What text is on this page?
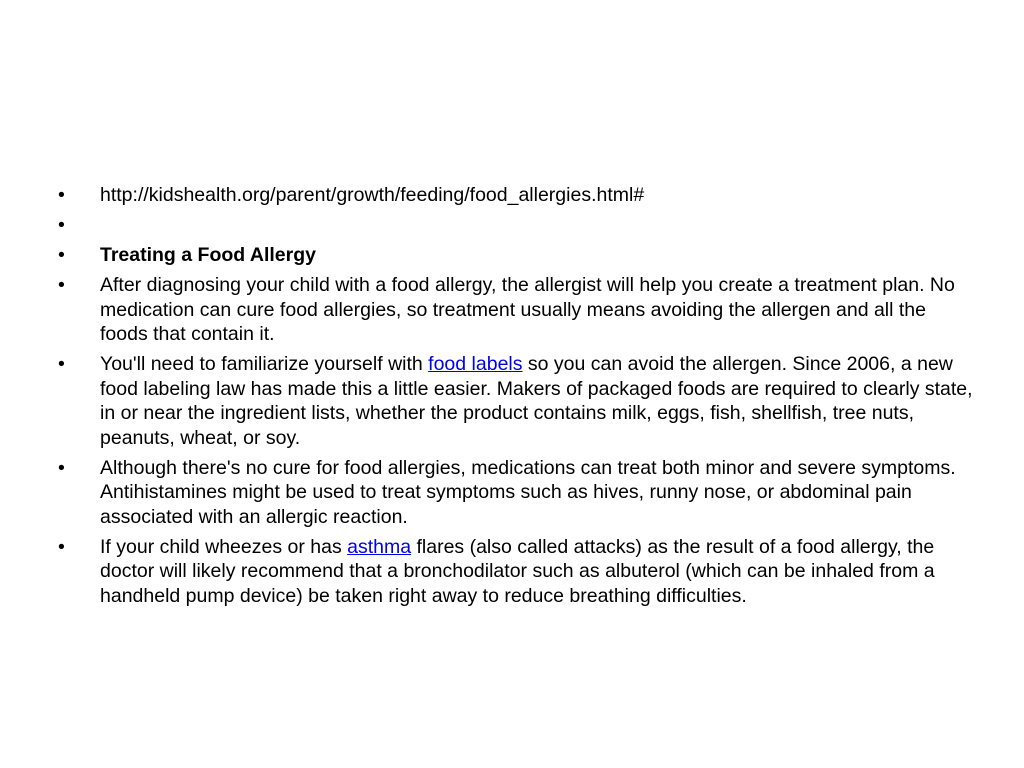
• http://kidshealth.org/parent/growth/feeding/food_allergies.html#
•
• Treating a Food Allergy
• After diagnosing your child with a food allergy, the allergist will help you create a treatment plan. No medication can cure food allergies, so treatment usually means avoiding the allergen and all the foods that contain it.
• You'll need to familiarize yourself with food labels so you can avoid the allergen. Since 2006, a new food labeling law has made this a little easier. Makers of packaged foods are required to clearly state, in or near the ingredient lists, whether the product contains milk, eggs, fish, shellfish, tree nuts, peanuts, wheat, or soy.
• Although there's no cure for food allergies, medications can treat both minor and severe symptoms. Antihistamines might be used to treat symptoms such as hives, runny nose, or abdominal pain associated with an allergic reaction.
• If your child wheezes or has asthma flares (also called attacks) as the result of a food allergy, the doctor will likely recommend that a bronchodilator such as albuterol (which can be inhaled from a handheld pump device) be taken right away to reduce breathing difficulties.
